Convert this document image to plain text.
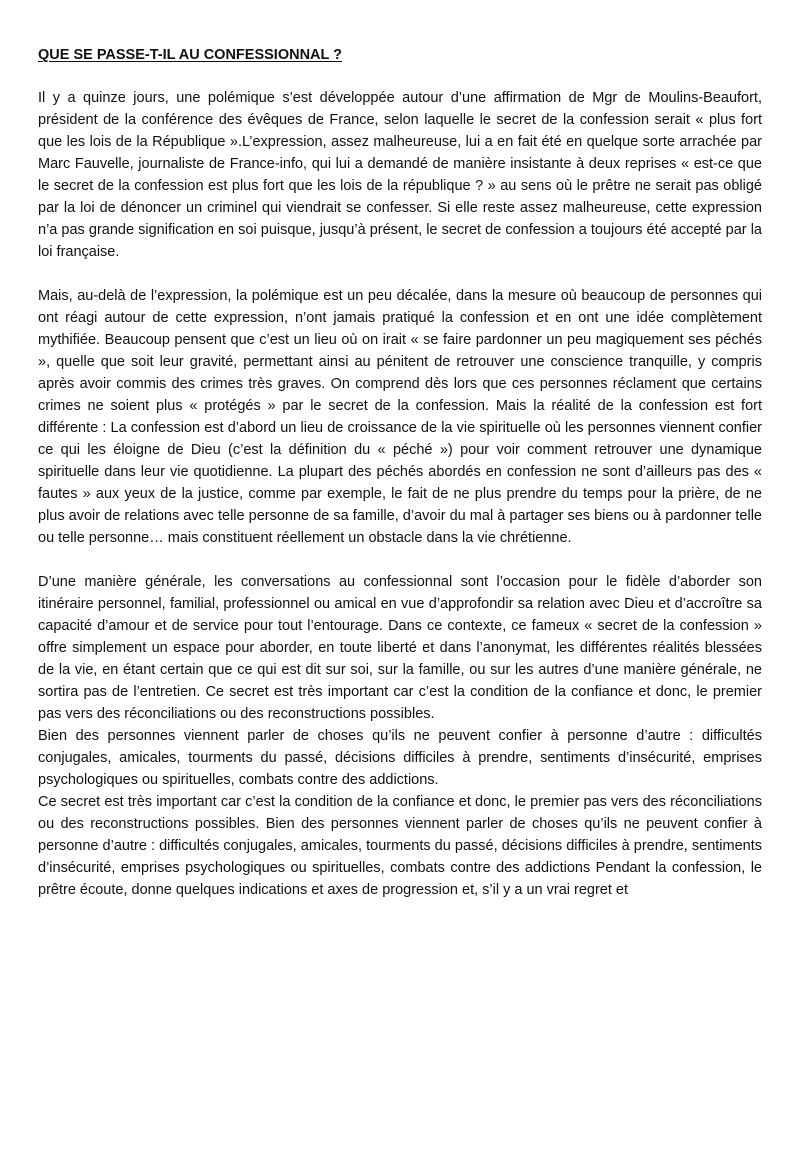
QUE SE PASSE-T-IL AU CONFESSIONNAL ?

Il y a quinze jours, une polémique s’est développée autour d’une affirmation de Mgr de Moulins-Beaufort, président de la conférence des évêques de France, selon laquelle le secret de la confession serait « plus fort que les lois de la République ».L’expression, assez malheureuse, lui a en fait été en quelque sorte arrachée par Marc Fauvelle, journaliste de France-info, qui lui a demandé de manière insistante à deux reprises « est-ce que le secret de la confession est plus fort que les lois de la république ? » au sens où le prêtre ne serait pas obligé par la loi de dénoncer un criminel qui viendrait se confesser. Si elle reste assez malheureuse, cette expression n’a pas grande signification en soi puisque, jusqu’à présent, le secret de confession a toujours été accepté par la loi française.

Mais, au-delà de l’expression, la polémique est un peu décalée, dans la mesure où beaucoup de personnes qui ont réagi autour de cette expression, n’ont jamais pratiqué la confession et en ont une idée complètement mythifiée. Beaucoup pensent que c’est un lieu où on irait « se faire pardonner un peu magiquement ses péchés », quelle que soit leur gravité, permettant ainsi au pénitent de retrouver une conscience tranquille, y compris après avoir commis des crimes très graves. On comprend dès lors que ces personnes réclament que certains crimes ne soient plus « protégés » par le secret de la confession. Mais la réalité de la confession est fort différente : La confession est d’abord un lieu de croissance de la vie spirituelle où les personnes viennent confier ce qui les éloigne de Dieu (c’est la définition du « péché ») pour voir comment retrouver une dynamique spirituelle dans leur vie quotidienne. La plupart des péchés abordés en confession ne sont d’ailleurs pas des « fautes » aux yeux de la justice, comme par exemple, le fait de ne plus prendre du temps pour la prière, de ne plus avoir de relations avec telle personne de sa famille, d’avoir du mal à partager ses biens ou à pardonner telle ou telle personne… mais constituent réellement un obstacle dans la vie chrétienne.

D’une manière générale, les conversations au confessionnal sont l’occasion pour le fidèle d’aborder son itinéraire personnel, familial, professionnel ou amical en vue d’approfondir sa relation avec Dieu et d’accroître sa capacité d’amour et de service pour tout l’entourage. Dans ce contexte, ce fameux « secret de la confession » offre simplement un espace pour aborder, en toute liberté et dans l’anonymat, les différentes réalités blessées de la vie, en étant certain que ce qui est dit sur soi, sur la famille, ou sur les autres d’une manière générale, ne sortira pas de l’entretien. Ce secret est très important car c’est la condition de la confiance et donc, le premier pas vers des réconciliations ou des reconstructions possibles.

Bien des personnes viennent parler de choses qu’ils ne peuvent confier à personne d’autre : difficultés conjugales, amicales, tourments du passé, décisions difficiles à prendre, sentiments d’insécurité, emprises psychologiques ou spirituelles, combats contre des addictions.

Ce secret est très important car c’est la condition de la confiance et donc, le premier pas vers des réconciliations ou des reconstructions possibles. Bien des personnes viennent parler de choses qu’ils ne peuvent confier à personne d’autre : difficultés conjugales, amicales, tourments du passé, décisions difficiles à prendre, sentiments d’insécurité, emprises psychologiques ou spirituelles, combats contre des addictions Pendant la confession, le prêtre écoute, donne quelques indications et axes de progression et, s’il y a un vrai regret et
